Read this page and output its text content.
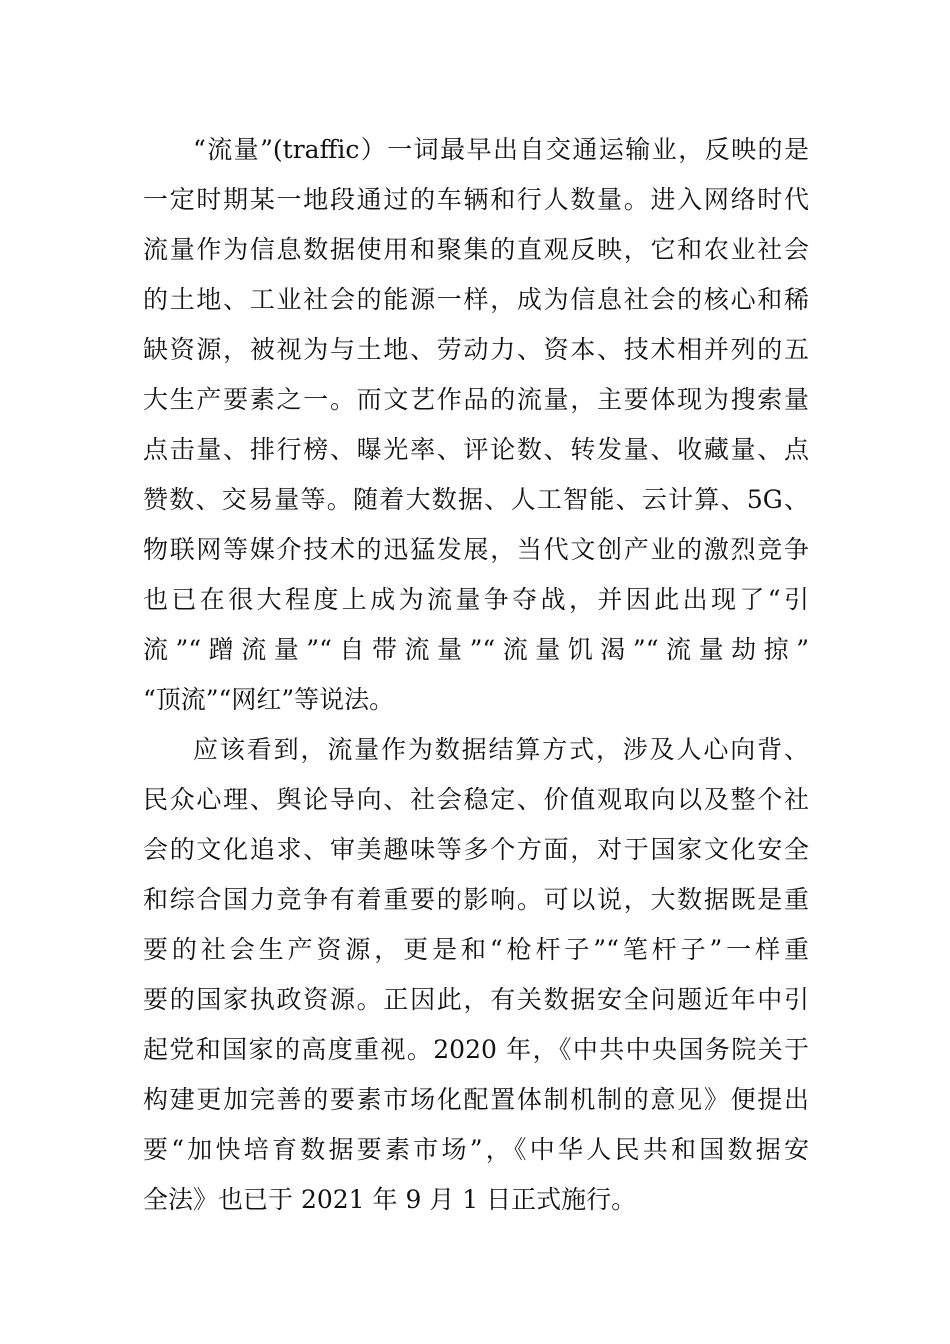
“流量”(traffic）一词最早出自交通运输业，反映的是
一定时期某一地段通过的车辆和行人数量。进入网络时代
流量作为信息数据使用和聚集的直观反映，它和农业社会
的土地、工业社会的能源一样，成为信息社会的核心和稀
缺资源，被视为与土地、劳动力、资本、技术相并列的五
大生产要素之一。而文艺作品的流量，主要体现为搜索量
点击量、排行榜、曝光率、评论数、转发量、收藏量、点
赞数、交易量等。随着大数据、人工智能、云计算、5G、
物联网等媒介技术的迅猛发展，当代文创产业的激烈竞争
也已在很大程度上成为流量争夺战，并因此出现了“引
流”“蹭流量”“自带流量”“流量饥渴”“流量劫掠”
“顶流”“网红”等说法。
应该看到，流量作为数据结算方式，涉及人心向背、
民众心理、舆论导向、社会稳定、价值观取向以及整个社
会的文化追求、审美趣味等多个方面，对于国家文化安全
和综合国力竞争有着重要的影响。可以说，大数据既是重
要的社会生产资源，更是和“枪杆子”“笔杆子”一样重
要的国家执政资源。正因此，有关数据安全问题近年中引
起党和国家的高度重视。2020 年，《中共中央国务院关于
构建更加完善的要素市场化配置体制机制的意见》便提出
要“加快培育数据要素市场”，《中华人民共和国数据安
全法》也已于 2021 年 9 月 1 日正式施行。
